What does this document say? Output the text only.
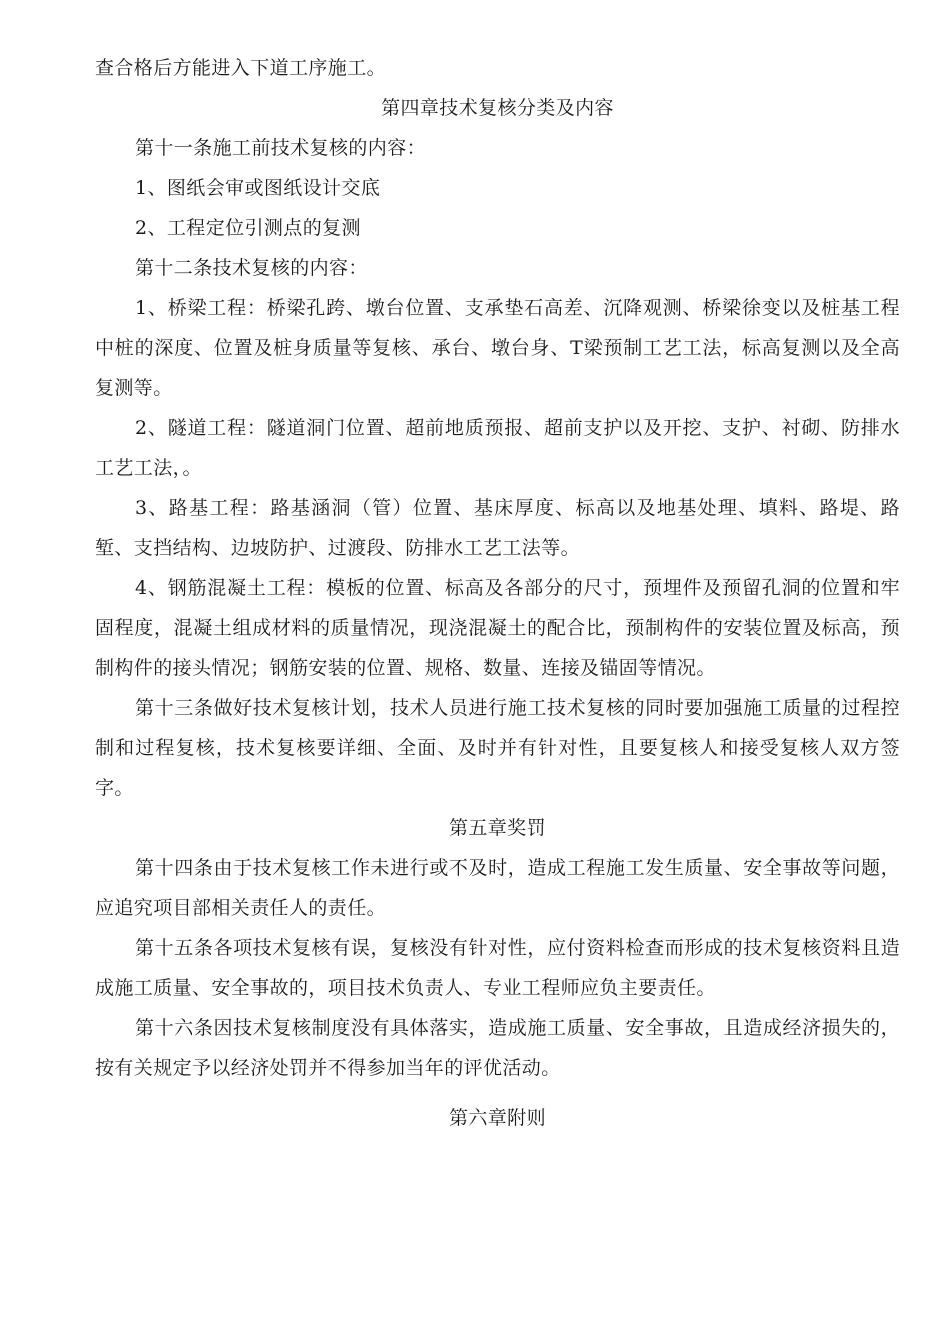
查合格后方能进入下道工序施工。

第四章技术复核分类及内容

第十一条施工前技术复核的内容：

1、图纸会审或图纸设计交底

2、工程定位引测点的复测

第十二条技术复核的内容：

1、桥梁工程：桥梁孔跨、墩台位置、支承垫石高差、沉降观测、桥梁徐变以及桩基工程中桩的深度、位置及桩身质量等复核、承台、墩台身、T梁预制工艺工法，标高复测以及全高复测等。

2、隧道工程：隧道洞门位置、超前地质预报、超前支护以及开挖、支护、衬砌、防排水工艺工法，。

3、路基工程：路基涵洞（管）位置、基床厚度、标高以及地基处理、填料、路堤、路堑、支挡结构、边坡防护、过渡段、防排水工艺工法等。

4、钢筋混凝土工程：模板的位置、标高及各部分的尺寸，预埋件及预留孔洞的位置和牢固程度，混凝土组成材料的质量情况，现浇混凝土的配合比，预制构件的安装位置及标高，预制构件的接头情况；钢筋安装的位置、规格、数量、连接及锚固等情况。

第十三条做好技术复核计划，技术人员进行施工技术复核的同时要加强施工质量的过程控制和过程复核，技术复核要详细、全面、及时并有针对性，且要复核人和接受复核人双方签字。

第五章奖罚

第十四条由于技术复核工作未进行或不及时，造成工程施工发生质量、安全事故等问题，应追究项目部相关责任人的责任。

第十五条各项技术复核有误，复核没有针对性，应付资料检查而形成的技术复核资料且造成施工质量、安全事故的，项目技术负责人、专业工程师应负主要责任。

第十六条因技术复核制度没有具体落实，造成施工质量、安全事故，且造成经济损失的，按有关规定予以经济处罚并不得参加当年的评优活动。

第六章附则
